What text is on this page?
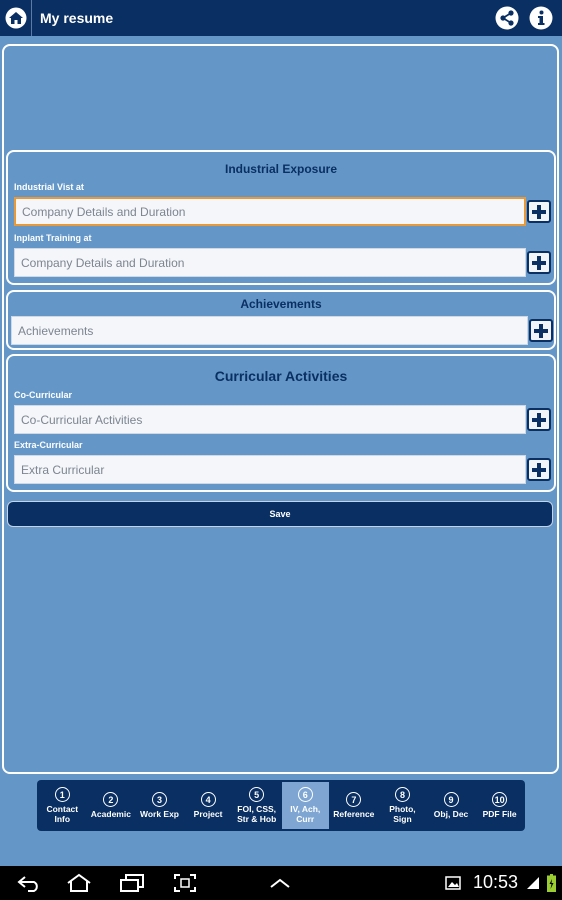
My resume
Industrial Exposure
Industrial Vist at
Company Details and Duration
Inplant Training at
Company Details and Duration
Achievements
Achievements
Curricular Activities
Co-Curricular
Co-Curricular Activities
Extra-Curricular
Extra Curricular
Save
1
Contact
Info
2
Academic
3
Work Exp
4
Project
5
FOI, CSS,
Str & Hob
6
IV, Ach,
Curr
7
Reference
8
Photo,
Sign
9
Obj, Dec
10
PDF File
10:53
